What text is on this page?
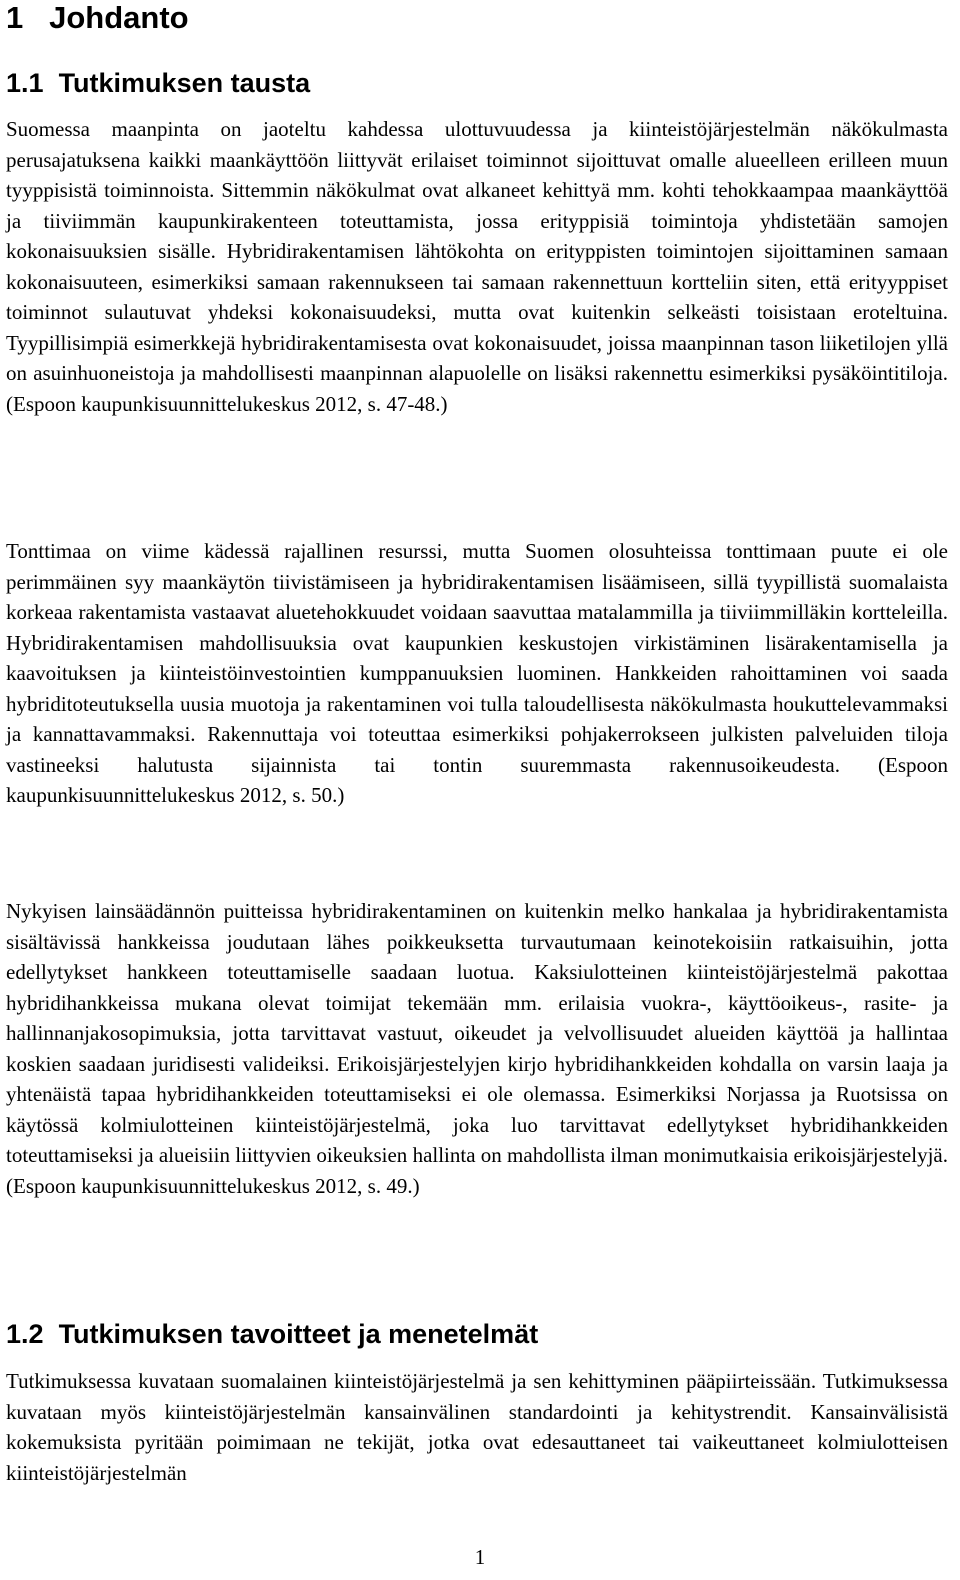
1 Johdanto
1.1 Tutkimuksen tausta

Suomessa maanpinta on jaoteltu kahdessa ulottuvuudessa ja kiinteistöjärjestelmän näkökulmasta perusajatuksena kaikki maankäyttöön liittyvät erilaiset toiminnot sijoittuvat omalle alueelleen erilleen muun tyyppisistä toiminnoista. Sittemmin näkökulmat ovat alkaneet kehittyä mm. kohti tehokkaampaa maankäyttöä ja tiiviimmän kaupunkirakenteen toteuttamista, jossa erityppisiä toimintoja yhdistetään samojen kokonaisuuksien sisälle. Hybridirakentamisen lähtökohta on erityppisten toimintojen sijoittaminen samaan kokonaisuuteen, esimerkiksi samaan rakennukseen tai samaan rakennettuun kortteliin siten, että erityyppiset toiminnot sulautuvat yhdeksi kokonaisuudeksi, mutta ovat kuitenkin selkeästi toisistaan eroteltuina. Tyypillisimpiä esimerkkejä hybridirakentamisesta ovat kokonaisuudet, joissa maanpinnan tason liiketilojen yllä on asuinhuoneistoja ja mahdollisesti maanpinnan alapuolelle on lisäksi rakennettu esimerkiksi pysäköintitiloja. (Espoon kaupunkisuunnittelukeskus 2012, s. 47-48.)

Tonttimaa on viime kädessä rajallinen resurssi, mutta Suomen olosuhteissa tonttimaan puute ei ole perimmäinen syy maankäytön tiivistämiseen ja hybridirakentamisen lisäämiseen, sillä tyypillistä suomalaista korkeaa rakentamista vastaavat aluetehokkuudet voidaan saavuttaa matalammilla ja tiiviimmilläkin kortteleilla. Hybridirakentamisen mahdollisuuksia ovat kaupunkien keskustojen virkistäminen lisärakentamisella ja kaavoituksen ja kiinteistöinvestointien kumppanuuksien luominen. Hankkeiden rahoittaminen voi saada hybriditoteutuksella uusia muotoja ja rakentaminen voi tulla taloudellisesta näkökulmasta houkuttelevammaksi ja kannattavammaksi. Rakennuttaja voi toteuttaa esimerkiksi pohjakerrokseen julkisten palveluiden tiloja vastineeksi halutusta sijainnista tai tontin suuremmasta rakennusoikeudesta. (Espoon kaupunkisuunnittelukeskus 2012, s. 50.)

Nykyisen lainsäädännön puitteissa hybridirakentaminen on kuitenkin melko hankalaa ja hybridirakentamista sisältävissä hankkeissa joudutaan lähes poikkeuksetta turvautumaan keinotekoisiin ratkaisuihin, jotta edellytykset hankkeen toteuttamiselle saadaan luotua. Kaksiulotteinen kiinteistöjärjestelmä pakottaa hybridihankkeissa mukana olevat toimijat tekemään mm. erilaisia vuokra-, käyttöoikeus-, rasite- ja hallinnanjakosopimuksia, jotta tarvittavat vastuut, oikeudet ja velvollisuudet alueiden käyttöä ja hallintaa koskien saadaan juridisesti valideiksi. Erikoisjärjestelyjen kirjo hybridihankkeiden kohdalla on varsin laaja ja yhtenäistä tapaa hybridihankkeiden toteuttamiseksi ei ole olemassa. Esimerkiksi Norjassa ja Ruotsissa on käytössä kolmiulotteinen kiinteistöjärjestelmä, joka luo tarvittavat edellytykset hybridihankkeiden toteuttamiseksi ja alueisiin liittyvien oikeuksien hallinta on mahdollista ilman monimutkaisia erikoisjärjestelyjä. (Espoon kaupunkisuunnittelukeskus 2012, s. 49.)

1.2 Tutkimuksen tavoitteet ja menetelmät

Tutkimuksessa kuvataan suomalainen kiinteistöjärjestelmä ja sen kehittyminen pääpiirteissään. Tutkimuksessa kuvataan myös kiinteistöjärjestelmän kansainvälinen standardointi ja kehitystrendit. Kansainvälisistä kokemuksista pyritään poimimaan ne tekijät, jotka ovat edesauttaneet tai vaikeuttaneet kolmiulotteisen kiinteistöjärjestelmän

1
